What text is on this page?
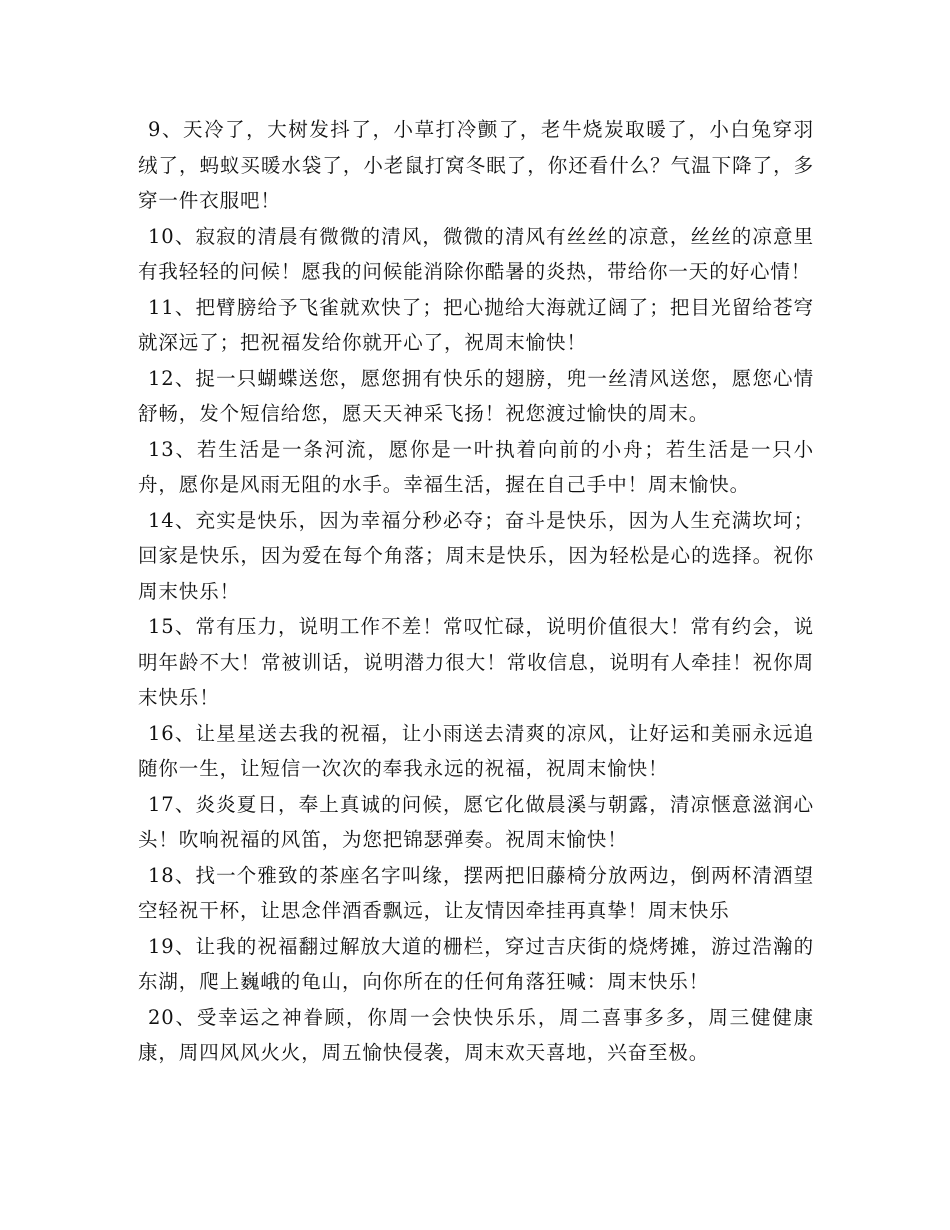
9、天冷了，大树发抖了，小草打冷颤了，老牛烧炭取暖了，小白兔穿羽绒了，蚂蚁买暖水袋了，小老鼠打窝冬眠了，你还看什么？气温下降了，多穿一件衣服吧！

10、寂寂的清晨有微微的清风，微微的清风有丝丝的凉意，丝丝的凉意里有我轻轻的问候！愿我的问候能消除你酷暑的炎热，带给你一天的好心情！

11、把臂膀给予飞雀就欢快了；把心抛给大海就辽阔了；把目光留给苍穹就深远了；把祝福发给你就开心了，祝周末愉快！

12、捉一只蝴蝶送您，愿您拥有快乐的翅膀，兜一丝清风送您，愿您心情舒畅，发个短信给您，愿天天神采飞扬！祝您渡过愉快的周末。

13、若生活是一条河流，愿你是一叶执着向前的小舟；若生活是一只小舟，愿你是风雨无阻的水手。幸福生活，握在自己手中！周末愉快。

14、充实是快乐，因为幸福分秒必夺；奋斗是快乐，因为人生充满坎坷；回家是快乐，因为爱在每个角落；周末是快乐，因为轻松是心的选择。祝你周末快乐！

15、常有压力，说明工作不差！常叹忙碌，说明价值很大！常有约会，说明年龄不大！常被训话，说明潜力很大！常收信息，说明有人牵挂！祝你周末快乐！

16、让星星送去我的祝福，让小雨送去清爽的凉风，让好运和美丽永远追随你一生，让短信一次次的奉我永远的祝福，祝周末愉快！

17、炎炎夏日，奉上真诚的问候，愿它化做晨溪与朝露，清凉惬意滋润心头！吹响祝福的风笛，为您把锦瑟弹奏。祝周末愉快！

18、找一个雅致的茶座名字叫缘，摆两把旧藤椅分放两边，倒两杯清酒望空轻祝干杯，让思念伴酒香飘远，让友情因牵挂再真挚！周末快乐

19、让我的祝福翻过解放大道的栅栏，穿过吉庆街的烧烤摊，游过浩瀚的东湖，爬上巍峨的龟山，向你所在的任何角落狂喊：周末快乐！

20、受幸运之神眷顾，你周一会快快乐乐，周二喜事多多，周三健健康康，周四风风火火，周五愉快侵袭，周末欢天喜地，兴奋至极。
